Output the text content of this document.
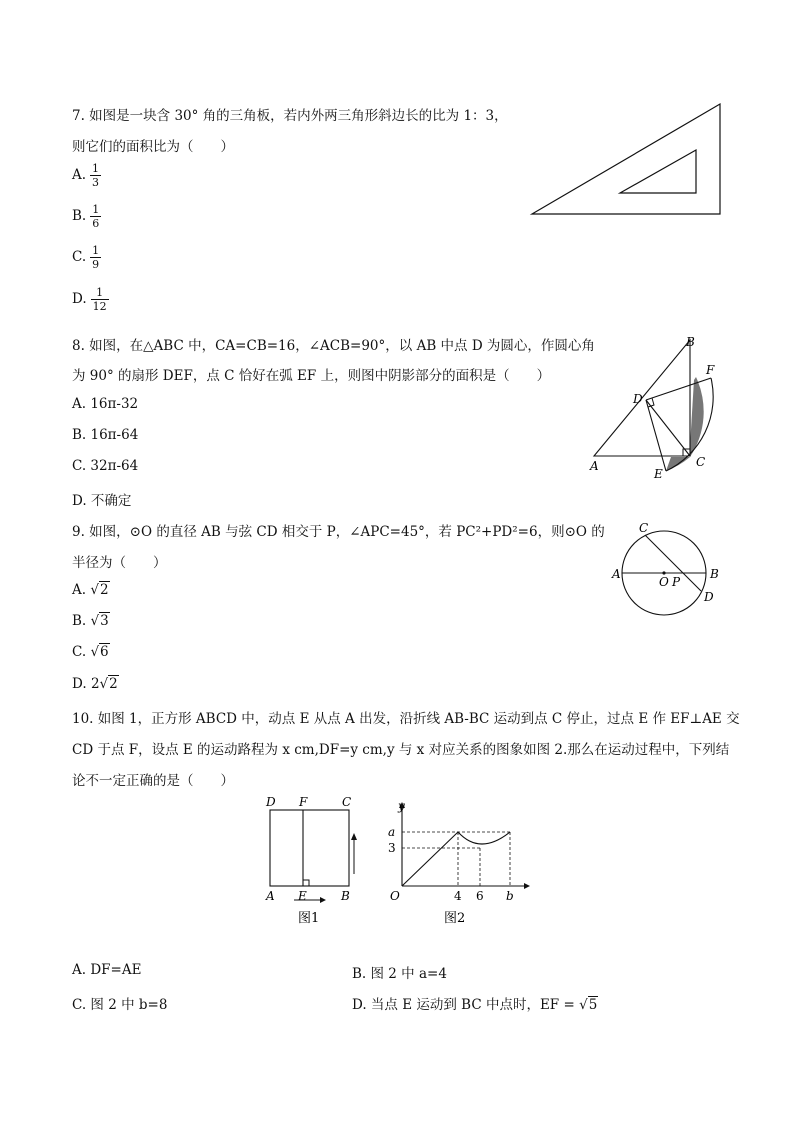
7. 如图是一块含 30° 角的三角板，若内外两三角形斜边长的比为 1：3，
则它们的面积比为（　　）
A. $\frac{1}{3}$
B. $\frac{1}{6}$
C. $\frac{1}{9}$
D. $\frac{1}{12}$
8. 如图，在△ABC 中，CA=CB=16，∠ACB=90°，以 AB 中点 D 为圆心，作圆心角
为 90° 的扇形 DEF，点 C 恰好在弧 EF 上，则图中阴影部分的面积是（　　）
A. 16π-32
B. 16π-64
C. 32π-64
D. 不确定
B
F
D
A	C
E
9. 如图，⊙O 的直径 AB 与弦 CD 相交于 P，∠APC=45°，若 PC²+PD²=6，则⊙O 的
半径为（　　）
A. √2
B. √3
C. √6
D. 2√2
A	B
C
D
O P
10. 如图 1，正方形 ABCD 中，动点 E 从点 A 出发，沿折线 AB-BC 运动到点 C 停止，过点 E 作 EF⊥AE 交
CD 于点 F，设点 E 的运动路程为 x cm,DF=y cm,y 与 x 对应关系的图象如图 2.那么在运动过程中，下列结
论不一定正确的是（　　）
D F	C
A E	B
图1
y
a
3
O	4 6 b
图2
A. DF=AE	B. 图 2 中 a=4
C. 图 2 中 b=8	D. 当点 E 运动到 BC 中点时，EF = √5
